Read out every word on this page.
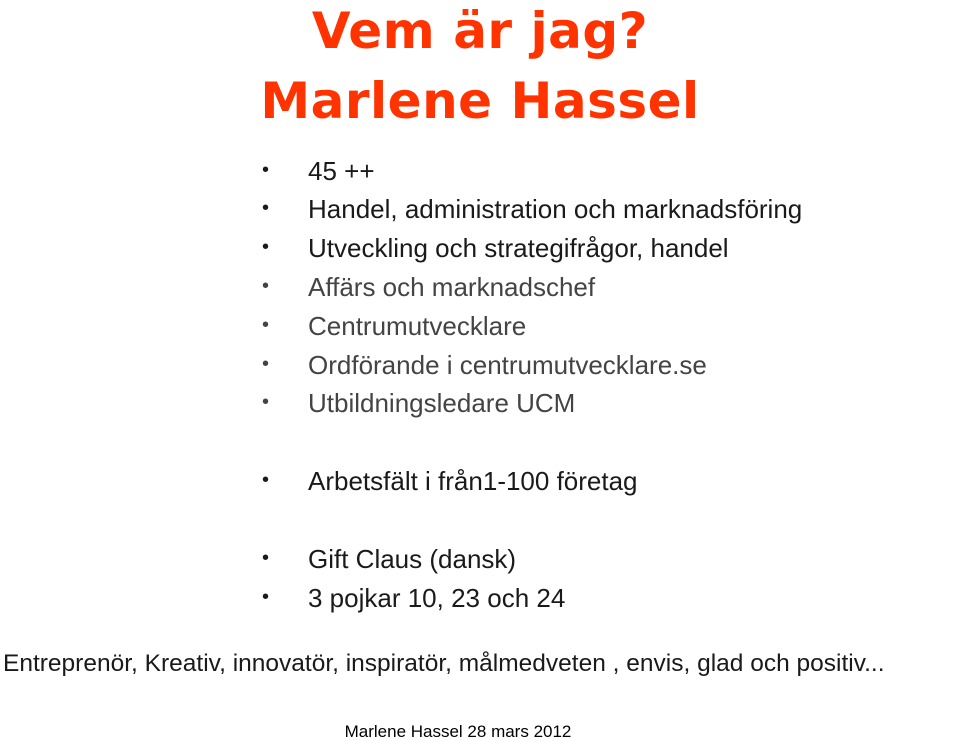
Vem är jag?
Marlene Hassel
• 45 ++
• Handel, administration och marknadsföring
• Utveckling och strategifrågor, handel
• Affärs och marknadschef
• Centrumutvecklare
• Ordförande i centrumutvecklare.se
• Utbildningsledare UCM
• Arbetsfält i från1-100 företag
• Gift Claus (dansk)
• 3 pojkar 10, 23 och 24
Entreprenör, Kreativ, innovatör, inspiratör, målmedveten , envis, glad och positiv...
Marlene Hassel 28 mars 2012
